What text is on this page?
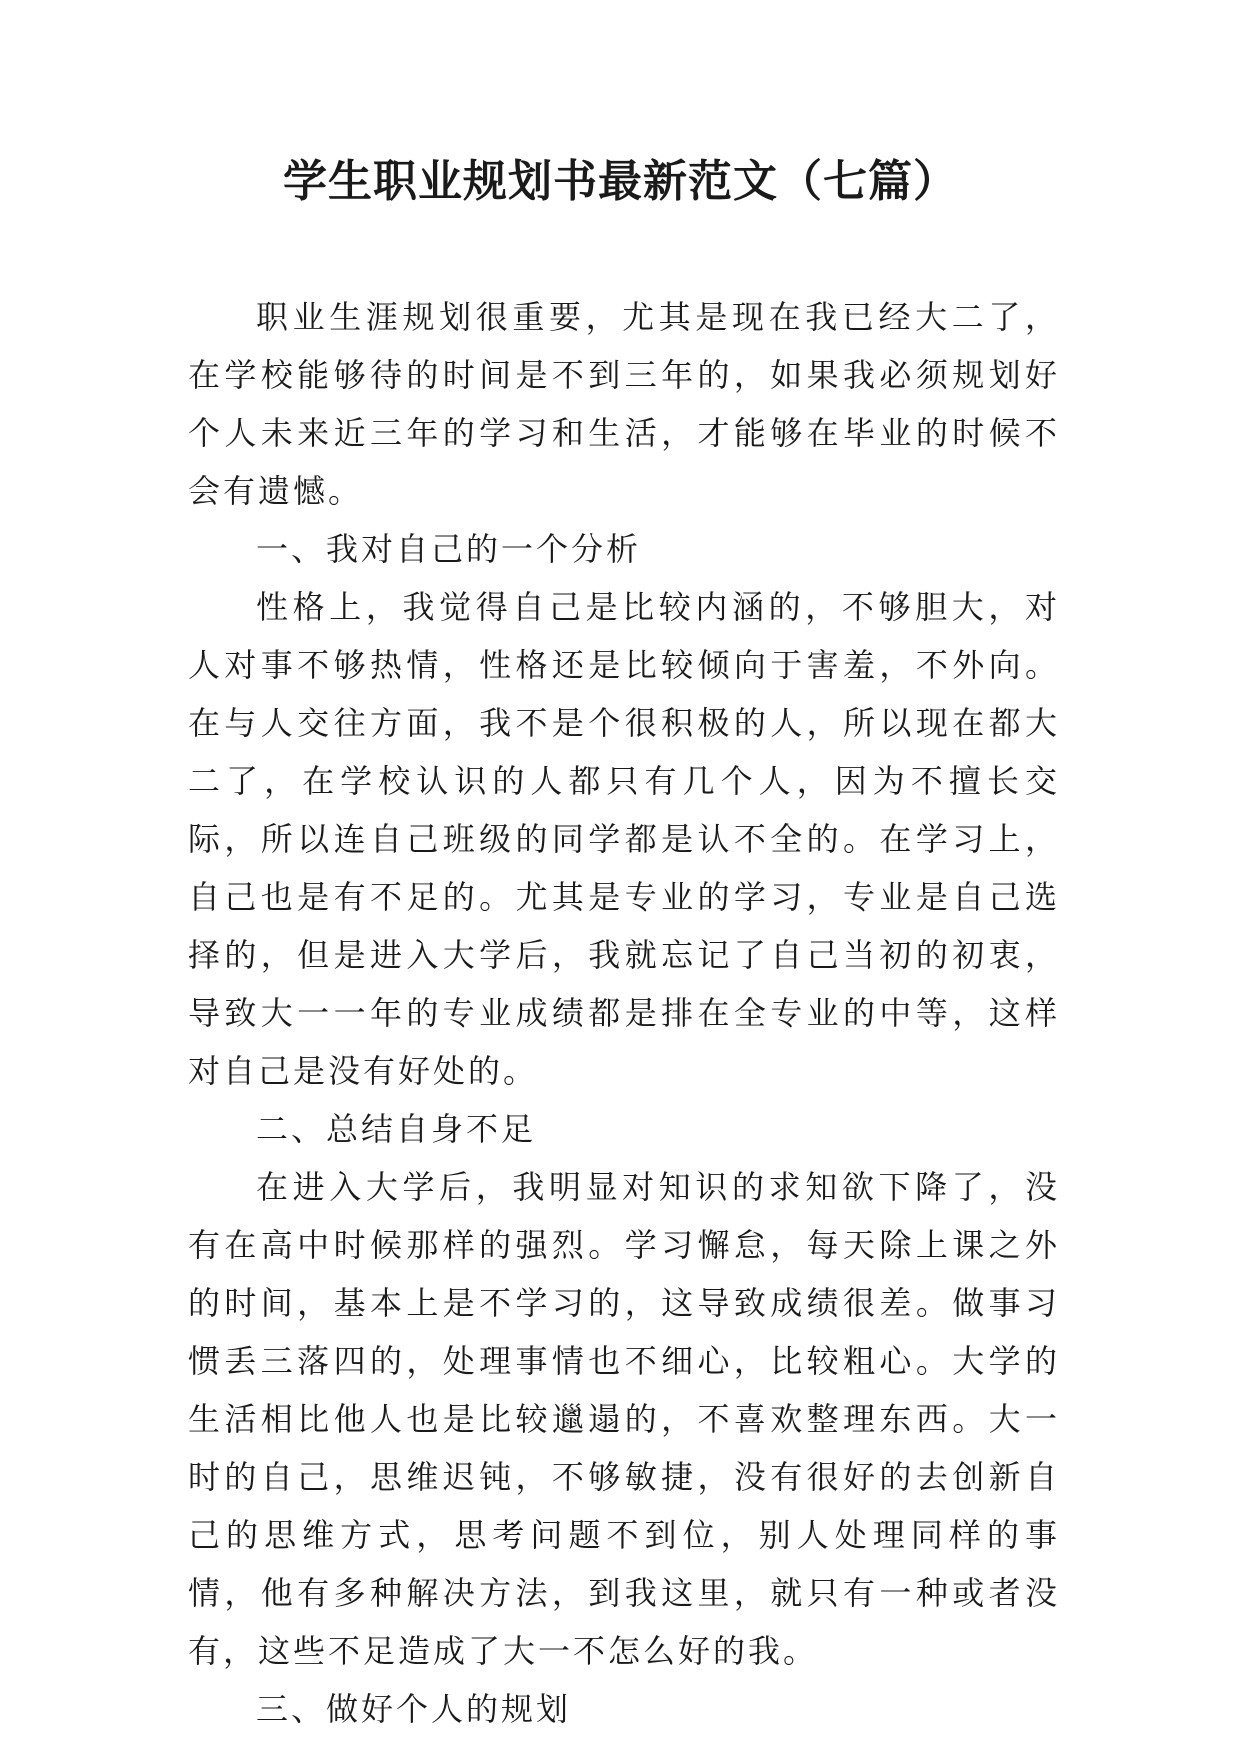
学生职业规划书最新范文（七篇）

职业生涯规划很重要，尤其是现在我已经大二了，在学校能够待的时间是不到三年的，如果我必须规划好个人未来近三年的学习和生活，才能够在毕业的时候不会有遗憾。

一、我对自己的一个分析

性格上，我觉得自己是比较内涵的，不够胆大，对人对事不够热情，性格还是比较倾向于害羞，不外向。在与人交往方面，我不是个很积极的人，所以现在都大二了，在学校认识的人都只有几个人，因为不擅长交际，所以连自己班级的同学都是认不全的。在学习上，自己也是有不足的。尤其是专业的学习，专业是自己选择的，但是进入大学后，我就忘记了自己当初的初衷，导致大一一年的专业成绩都是排在全专业的中等，这样对自己是没有好处的。

二、总结自身不足

在进入大学后，我明显对知识的求知欲下降了，没有在高中时候那样的强烈。学习懈怠，每天除上课之外的时间，基本上是不学习的，这导致成绩很差。做事习惯丢三落四的，处理事情也不细心，比较粗心。大学的生活相比他人也是比较邋遢的，不喜欢整理东西。大一时的自己，思维迟钝，不够敏捷，没有很好的去创新自己的思维方式，思考问题不到位，别人处理同样的事情，他有多种解决方法，到我这里，就只有一种或者没有，这些不足造成了大一不怎么好的我。

三、做好个人的规划
